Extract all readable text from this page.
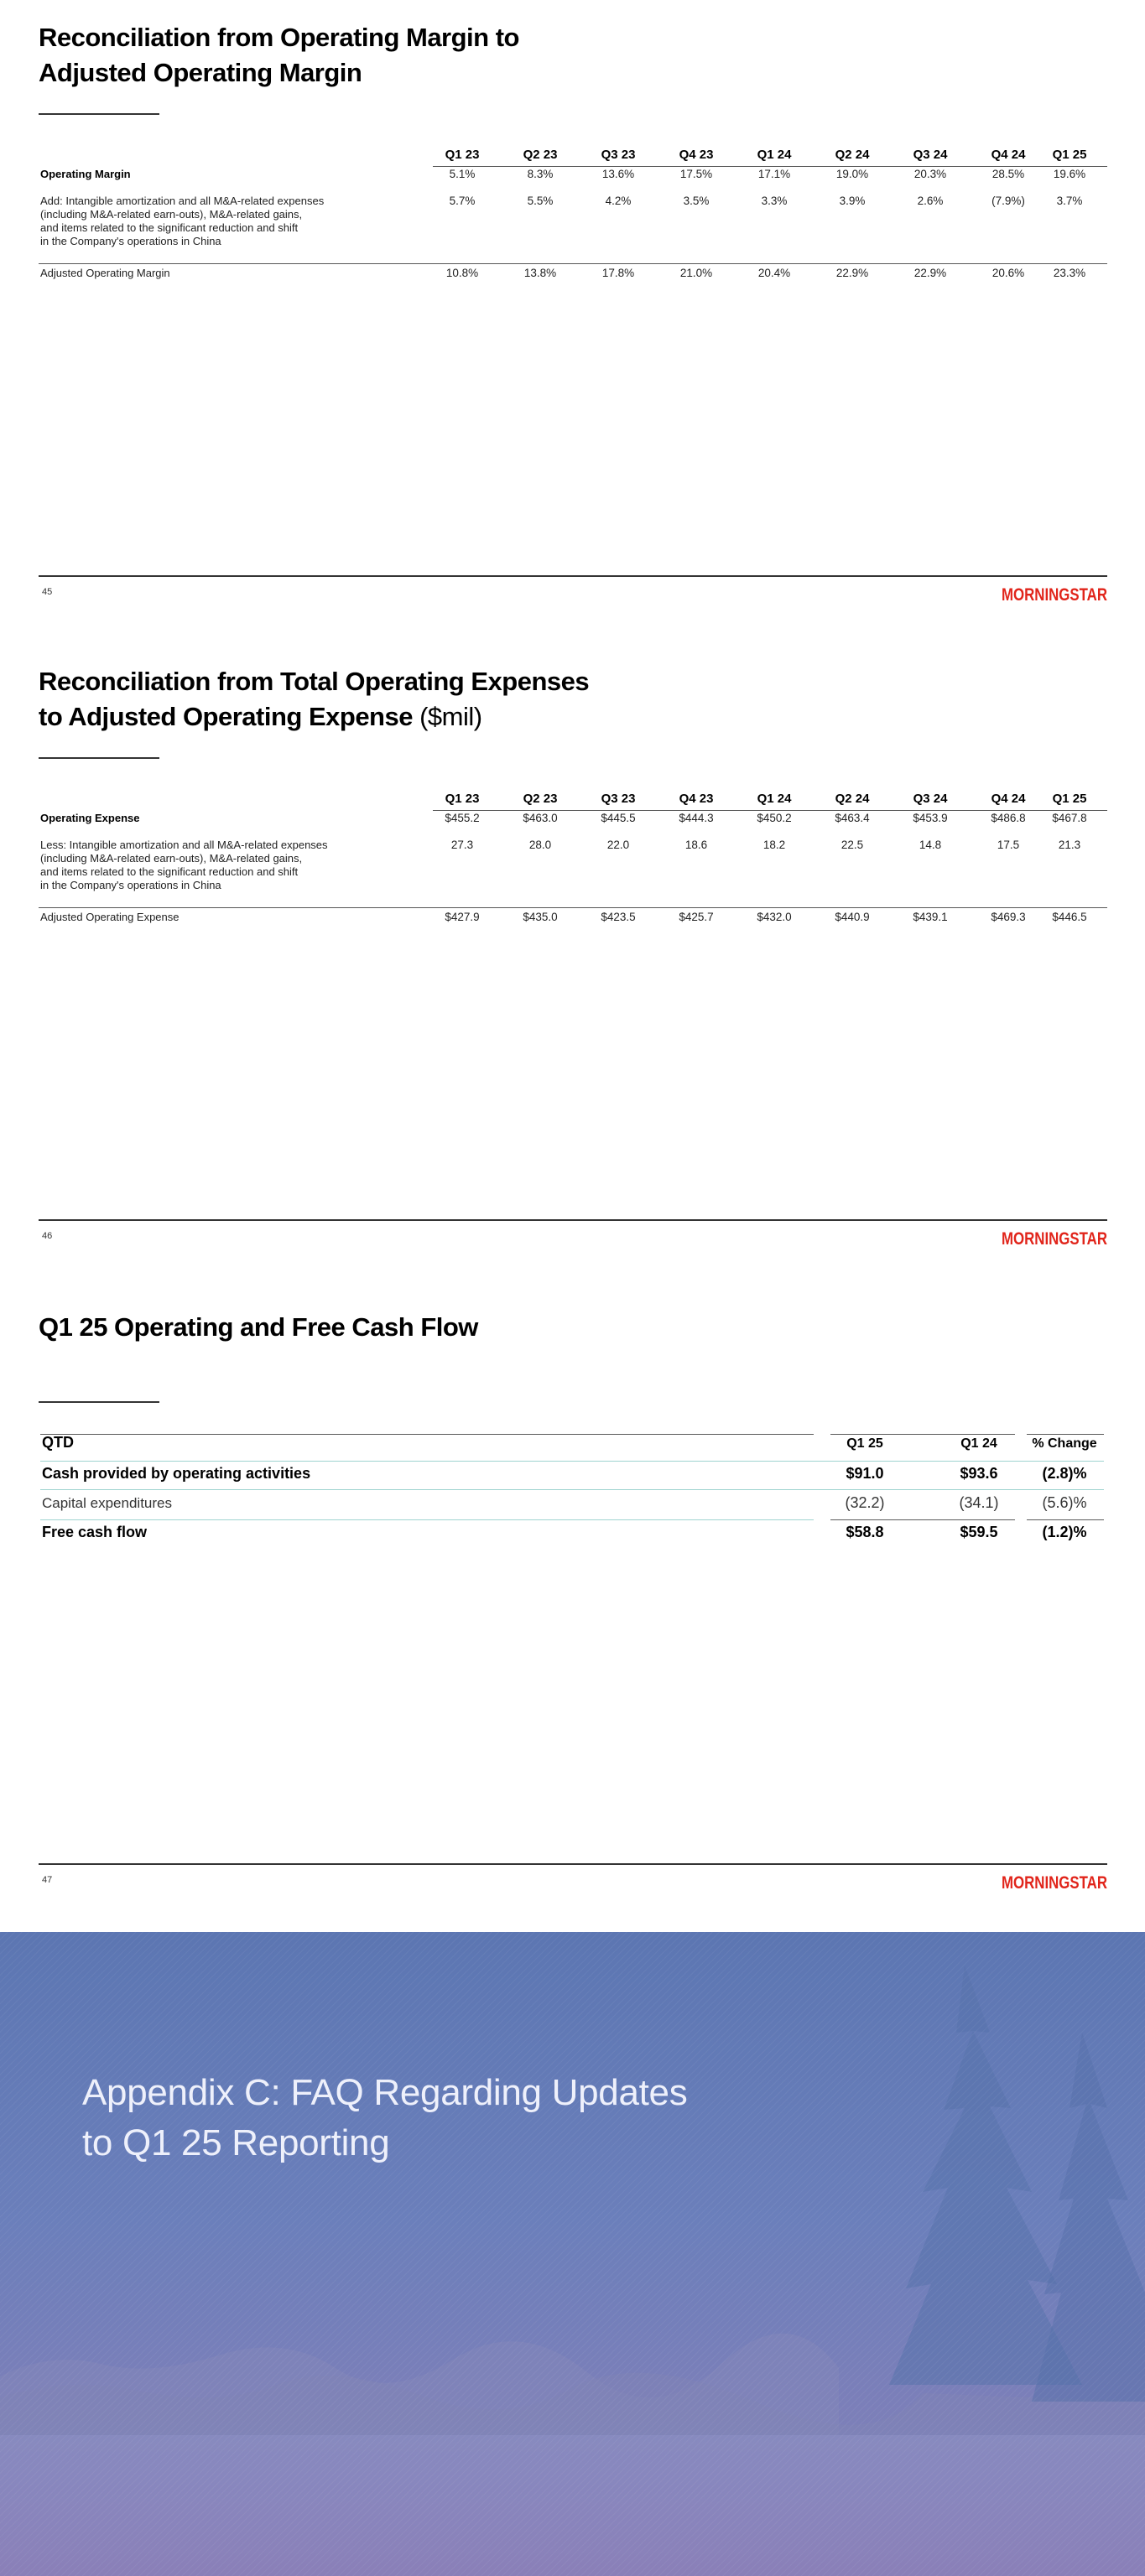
Reconciliation from Operating Margin to
Adjusted Operating Margin
Q1 23	Q2 23	Q3 23	Q4 23	Q1 24	Q2 24	Q3 24	Q4 24	Q1 25
Operating Margin	5.1%	8.3%	13.6%	17.5%	17.1%	19.0%	20.3%	28.5%	19.6%
Add: Intangible amortization and all M&A-related expenses
(including M&A-related earn-outs), M&A-related gains,
and items related to the significant reduction and shift
in the Company's operations in China
5.7%	5.5%	4.2%	3.5%	3.3%	3.9%	2.6%	(7.9%)	3.7%
Adjusted Operating Margin	10.8%	13.8%	17.8%	21.0%	20.4%	22.9%	22.9%	20.6%	23.3%
45	MORNINGSTAR
Reconciliation from Total Operating Expenses
to Adjusted Operating Expense ($mil)
Q1 23	Q2 23	Q3 23	Q4 23	Q1 24	Q2 24	Q3 24	Q4 24	Q1 25
Operating Expense	$455.2	$463.0	$445.5	$444.3	$450.2	$463.4	$453.9	$486.8	$467.8
Less: Intangible amortization and all M&A-related expenses
(including M&A-related earn-outs), M&A-related gains,
and items related to the significant reduction and shift
in the Company's operations in China
27.3	28.0	22.0	18.6	18.2	22.5	14.8	17.5	21.3
Adjusted Operating Expense	$427.9	$435.0	$423.5	$425.7	$432.0	$440.9	$439.1	$469.3	$446.5
46	MORNINGSTAR
Q1 25 Operating and Free Cash Flow
QTD	Q1 25	Q1 24	% Change
Cash provided by operating activities	$91.0	$93.6	(2.8)%
Capital expenditures	(32.2)	(34.1)	(5.6)%
Free cash flow	$58.8	$59.5	(1.2)%
47	MORNINGSTAR
Appendix C: FAQ Regarding Updates
to Q1 25 Reporting
